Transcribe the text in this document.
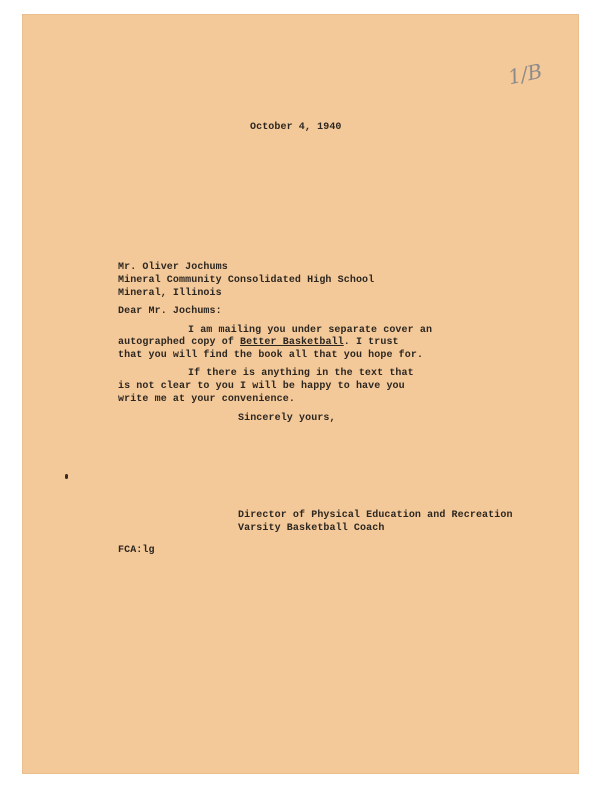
1/B
October 4, 1940
Mr. Oliver Jochums
Mineral Community Consolidated High School
Mineral, Illinois
Dear Mr. Jochums:
I am mailing you under separate cover an
autographed copy of Better Basketball. I trust
that you will find the book all that you hope for.
If there is anything in the text that
is not clear to you I will be happy to have you
write me at your convenience.
Sincerely yours,
Director of Physical Education and Recreation
Varsity Basketball Coach
FCA:lg
